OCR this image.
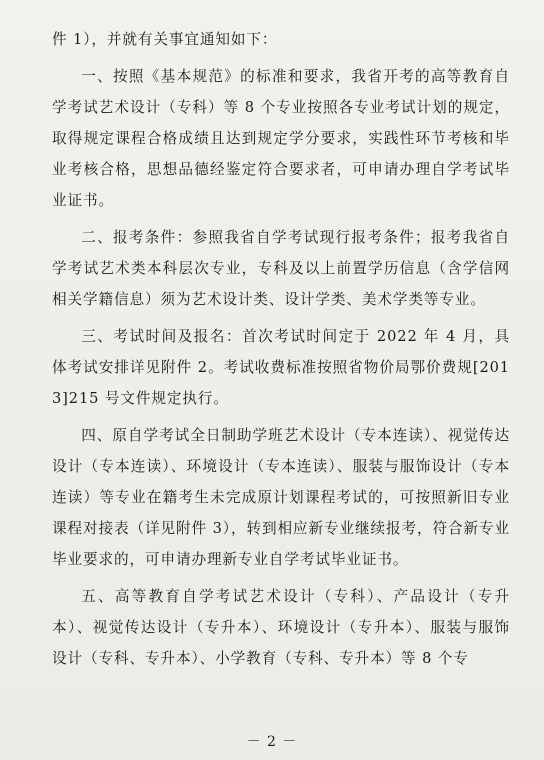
件 1），并就有关事宜通知如下：

一、按照《基本规范》的标准和要求，我省开考的高等教育自学考试艺术设计（专科）等 8 个专业按照各专业考试计划的规定，取得规定课程合格成绩且达到规定学分要求，实践性环节考核和毕业考核合格，思想品德经鉴定符合要求者，可申请办理自学考试毕业证书。

二、报考条件：参照我省自学考试现行报考条件；报考我省自学考试艺术类本科层次专业，专科及以上前置学历信息（含学信网相关学籍信息）须为艺术设计类、设计学类、美术学类等专业。

三、考试时间及报名：首次考试时间定于 2022 年 4 月，具体考试安排详见附件 2。考试收费标准按照省物价局鄂价费规[2013]215 号文件规定执行。

四、原自学考试全日制助学班艺术设计（专本连读）、视觉传达设计（专本连读）、环境设计（专本连读）、服装与服饰设计（专本连读）等专业在籍考生未完成原计划课程考试的，可按照新旧专业课程对接表（详见附件 3），转到相应新专业继续报考，符合新专业毕业要求的，可申请办理新专业自学考试毕业证书。

五、高等教育自学考试艺术设计（专科）、产品设计（专升本）、视觉传达设计（专升本）、环境设计（专升本）、服装与服饰设计（专科、专升本）、小学教育（专科、专升本）等 8 个专

－ 2 －
